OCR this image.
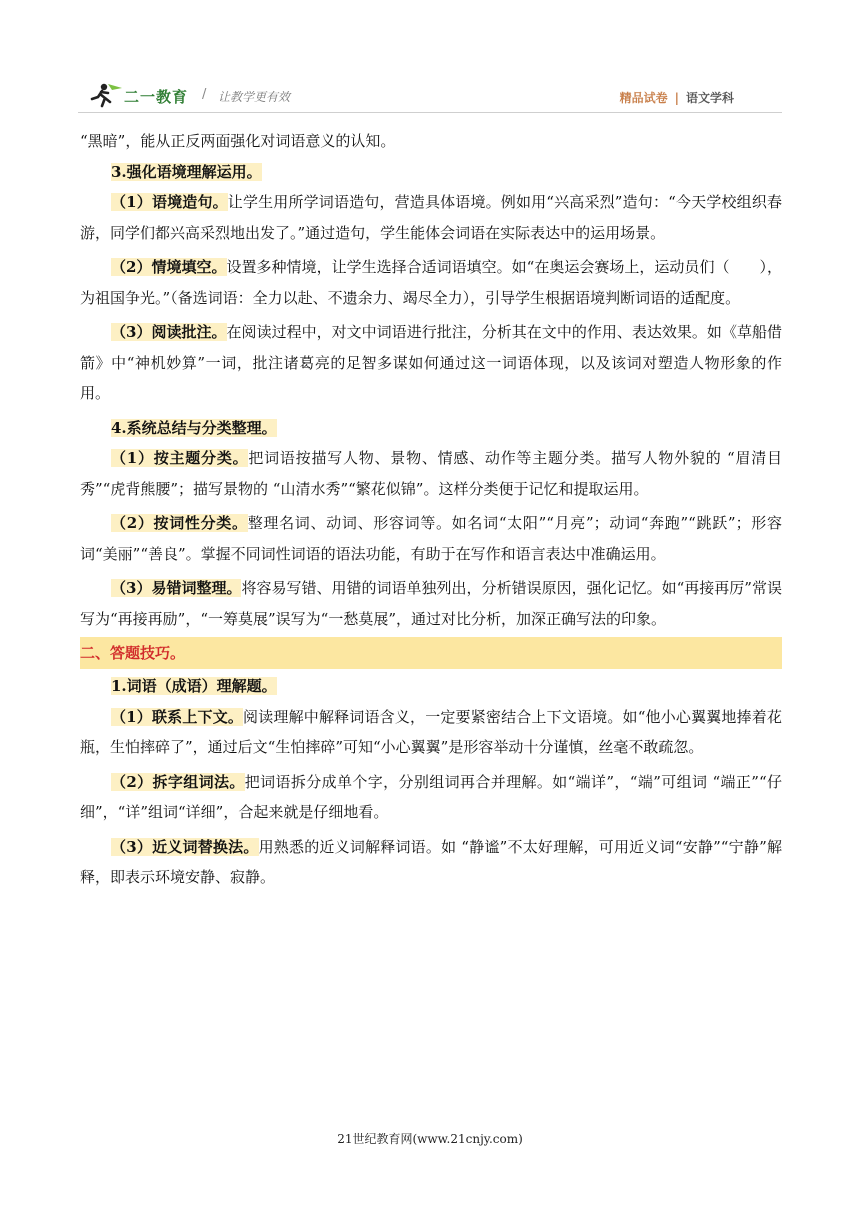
二一教育 / 让教学更有效	精品试卷 | 语文学科

“黑暗”，能从正反两面强化对词语意义的认知。

3.强化语境理解运用。

（1）语境造句。让学生用所学词语造句，营造具体语境。例如用“兴高采烈”造句：“今天学校组织春游，同学们都兴高采烈地出发了。”通过造句，学生能体会词语在实际表达中的运用场景。

（2）情境填空。设置多种情境，让学生选择合适词语填空。如“在奥运会赛场上，运动员们（　　），为祖国争光。”（备选词语：全力以赴、不遗余力、竭尽全力），引导学生根据语境判断词语的适配度。

（3）阅读批注。在阅读过程中，对文中词语进行批注，分析其在文中的作用、表达效果。如《草船借箭》中“神机妙算”一词，批注诸葛亮的足智多谋如何通过这一词语体现，以及该词对塑造人物形象的作用。

4.系统总结与分类整理。

（1）按主题分类。把词语按描写人物、景物、情感、动作等主题分类。描写人物外貌的 “眉清目秀”“虎背熊腰”；描写景物的 “山清水秀”“繁花似锦”。这样分类便于记忆和提取运用。

（2）按词性分类。整理名词、动词、形容词等。如名词“太阳”“月亮”；动词“奔跑”“跳跃”；形容词“美丽”“善良”。掌握不同词性词语的语法功能，有助于在写作和语言表达中准确运用。

（3）易错词整理。将容易写错、用错的词语单独列出，分析错误原因，强化记忆。如“再接再厉”常误写为“再接再励”，“一筹莫展”误写为“一愁莫展”，通过对比分析，加深正确写法的印象。

二、答题技巧。

1.词语（成语）理解题。

（1）联系上下文。阅读理解中解释词语含义，一定要紧密结合上下文语境。如“他小心翼翼地捧着花瓶，生怕摔碎了”，通过后文“生怕摔碎”可知“小心翼翼”是形容举动十分谨慎，丝毫不敢疏忽。

（2）拆字组词法。把词语拆分成单个字，分别组词再合并理解。如“端详”，“端”可组词 “端正”“仔细”，“详”组词“详细”，合起来就是仔细地看。

（3）近义词替换法。用熟悉的近义词解释词语。如 “静谧”不太好理解，可用近义词“安静”“宁静”解释，即表示环境安静、寂静。

21世纪教育网(www.21cnjy.com)
